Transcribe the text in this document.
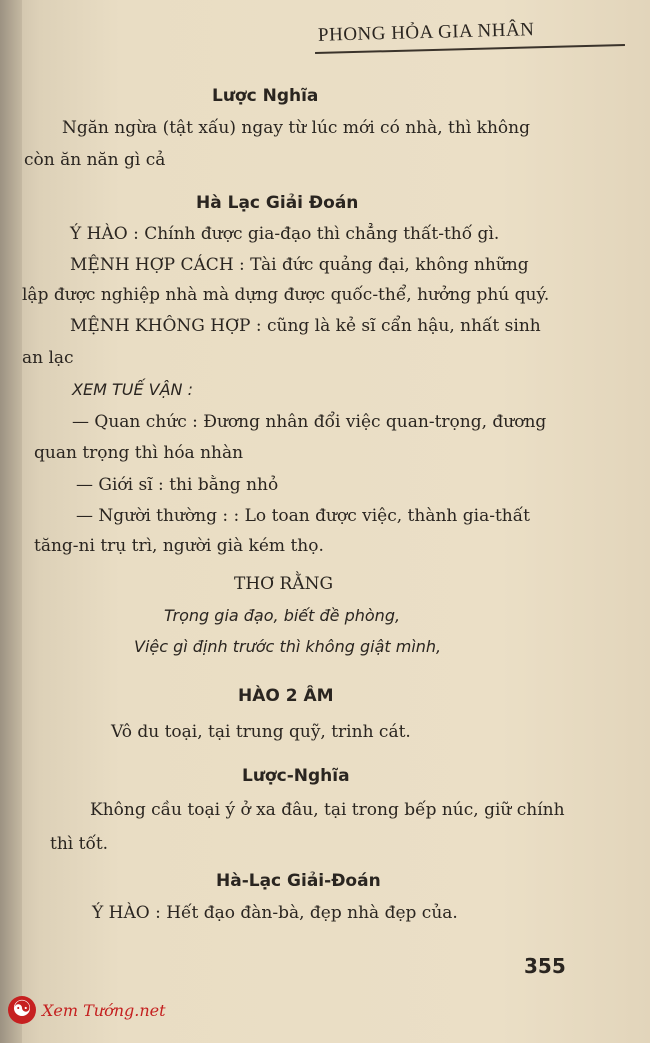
PHONG HỎA GIA NHÂN
Lược Nghĩa
Ngăn ngừa (tật xấu) ngay từ lúc mới có nhà, thì không
còn ăn năn gì cả
Hà Lạc Giải Đoán
Ý HÀO : Chính được gia-đạo thì chẳng thất-thố gì.
MỆNH HỢP CÁCH : Tài đức quảng đại, không những
lập được nghiệp nhà mà dựng được quốc-thể, hưởng phú quý.
MỆNH KHÔNG HỢP : cũng là kẻ sĩ cẩn hậu, nhất sinh
an lạc
XEM TUẾ VẬN :
— Quan chức : Đương nhân đổi việc quan-trọng, đương
quan trọng thì hóa nhàn
— Giới sĩ : thi bằng nhỏ
— Người thường : : Lo toan được việc, thành gia-thất
tăng-ni trụ trì, người già kém thọ.
THƠ RẰNG
Trọng gia đạo, biết đề phòng,
Việc gì định trước thì không giật mình,
HÀO 2 ÂM
Vô du toại, tại trung quỹ, trinh cát.
Lược-Nghĩa
Không cầu toại ý ở xa đâu, tại trong bếp núc, giữ chính
thì tốt.
Hà-Lạc Giải-Đoán
Ý HÀO : Hết đạo đàn-bà, đẹp nhà đẹp của.
355
☯ Xem Tướng.net
